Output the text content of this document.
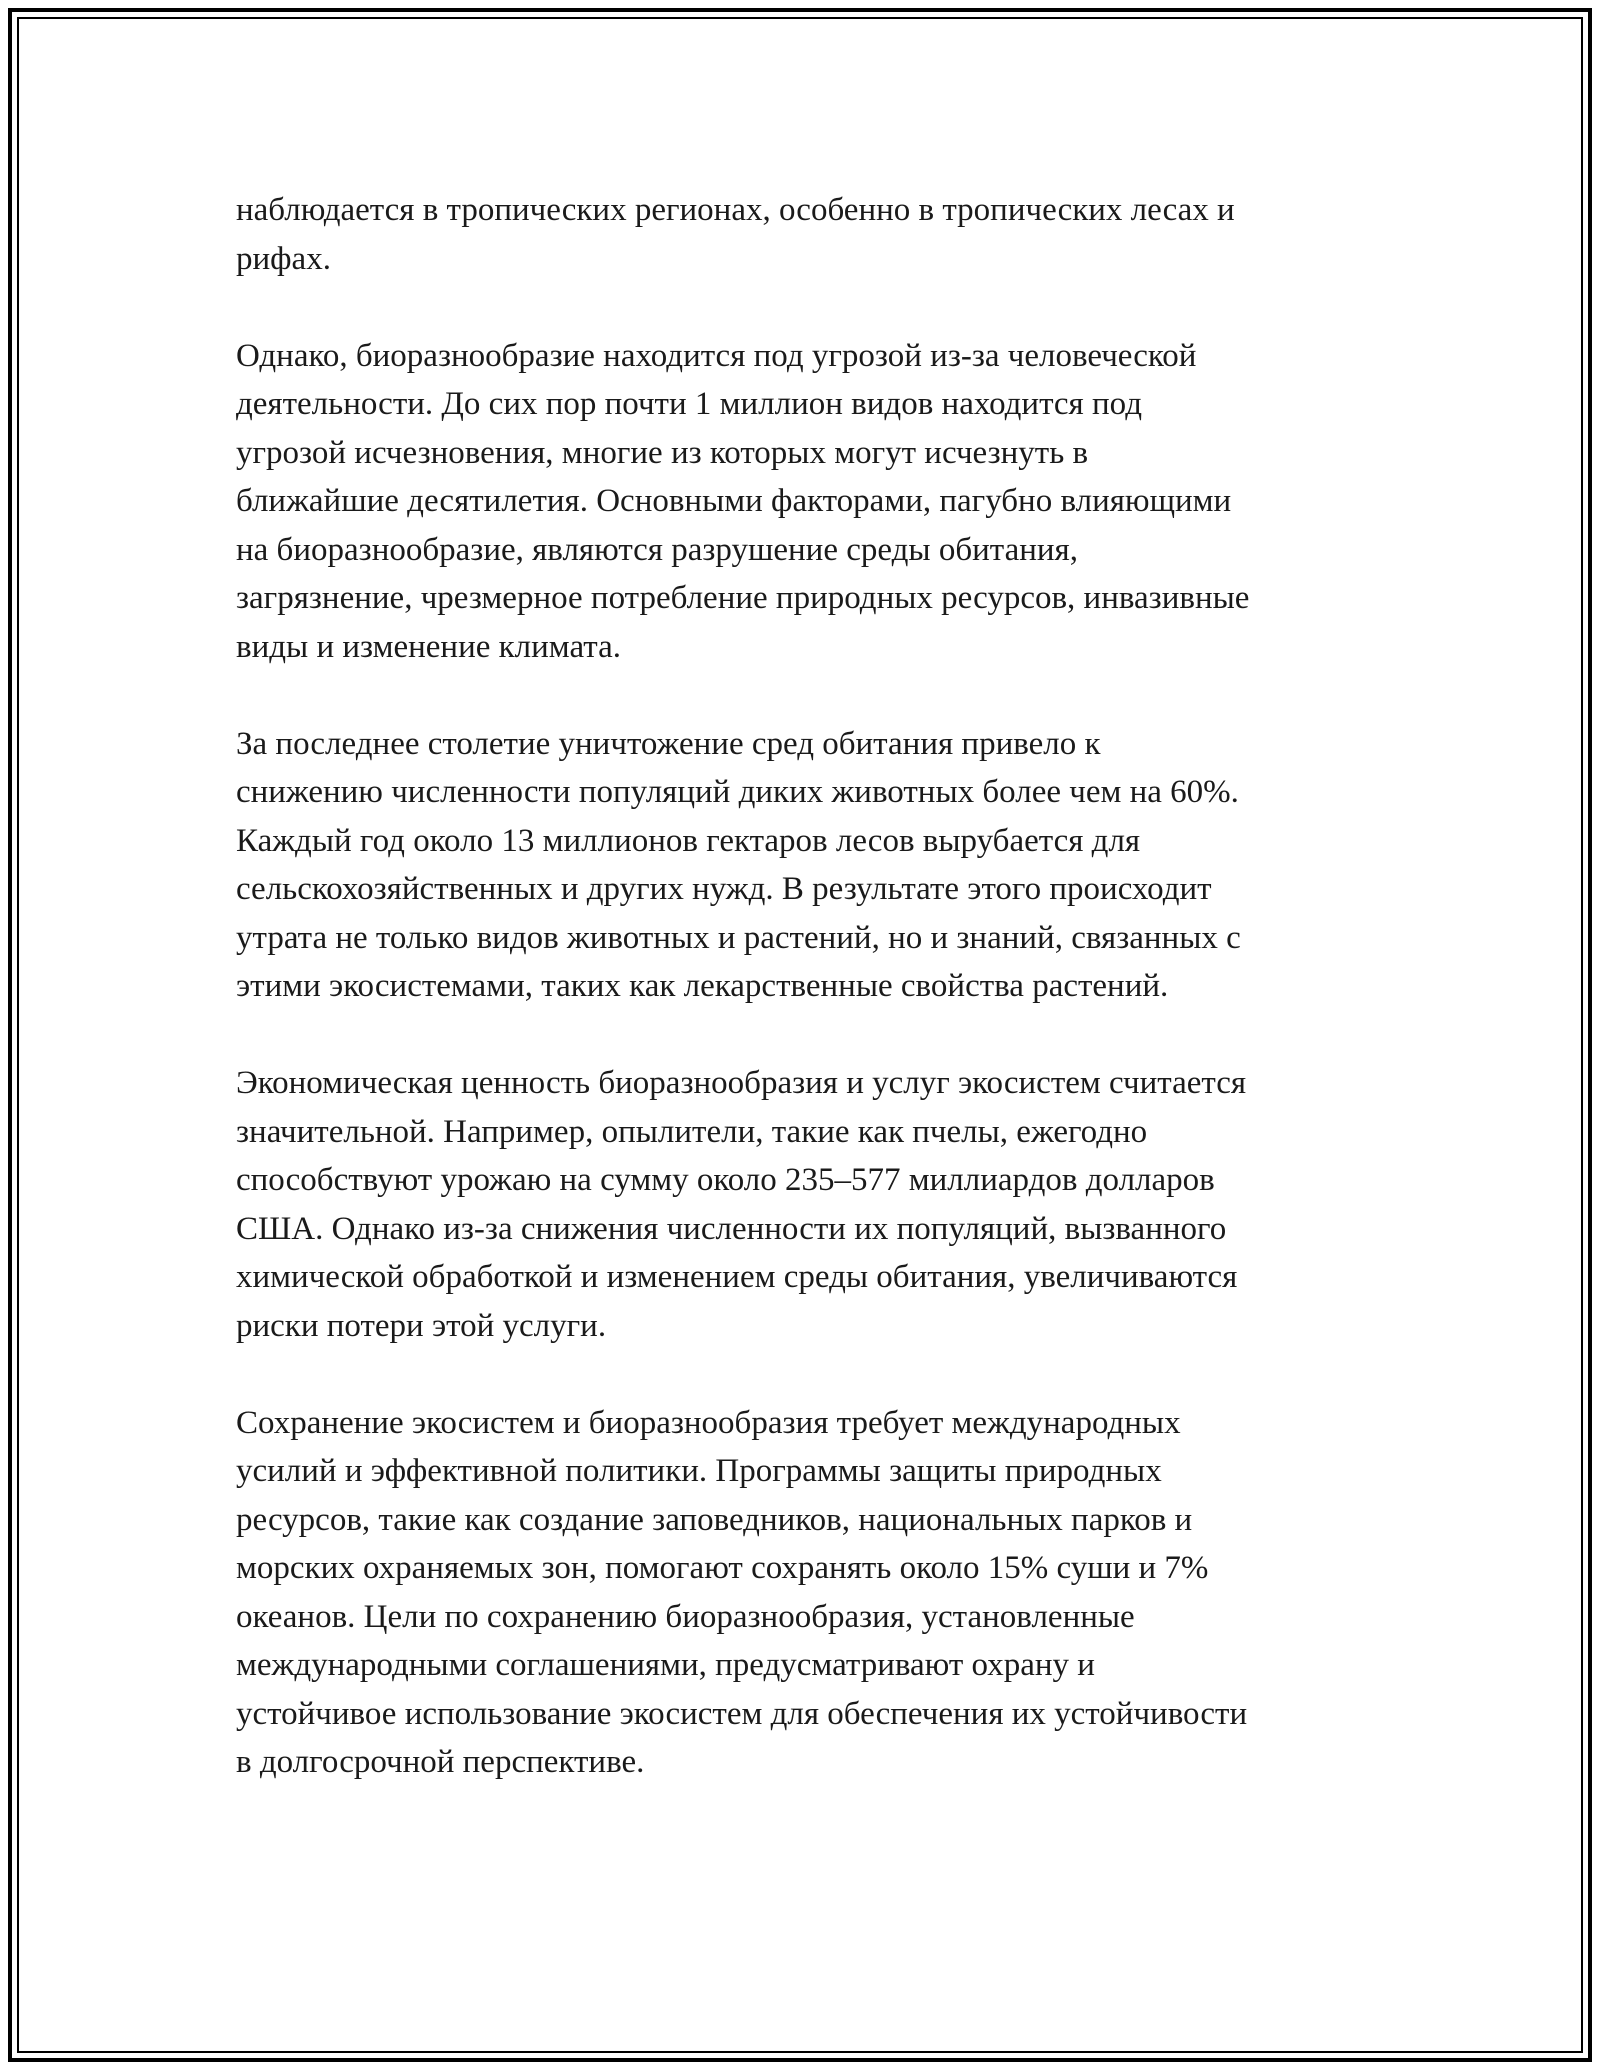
наблюдается в тропических регионах, особенно в тропических лесах и
рифах.

Однако, биоразнообразие находится под угрозой из-за человеческой
деятельности. До сих пор почти 1 миллион видов находится под
угрозой исчезновения, многие из которых могут исчезнуть в
ближайшие десятилетия. Основными факторами, пагубно влияющими
на биоразнообразие, являются разрушение среды обитания,
загрязнение, чрезмерное потребление природных ресурсов, инвазивные
виды и изменение климата.

За последнее столетие уничтожение сред обитания привело к
снижению численности популяций диких животных более чем на 60%.
Каждый год около 13 миллионов гектаров лесов вырубается для
сельскохозяйственных и других нужд. В результате этого происходит
утрата не только видов животных и растений, но и знаний, связанных с
этими экосистемами, таких как лекарственные свойства растений.

Экономическая ценность биоразнообразия и услуг экосистем считается
значительной. Например, опылители, такие как пчелы, ежегодно
способствуют урожаю на сумму около 235–577 миллиардов долларов
США. Однако из-за снижения численности их популяций, вызванного
химической обработкой и изменением среды обитания, увеличиваются
риски потери этой услуги.

Сохранение экосистем и биоразнообразия требует международных
усилий и эффективной политики. Программы защиты природных
ресурсов, такие как создание заповедников, национальных парков и
морских охраняемых зон, помогают сохранять около 15% суши и 7%
океанов. Цели по сохранению биоразнообразия, установленные
международными соглашениями, предусматривают охрану и
устойчивое использование экосистем для обеспечения их устойчивости
в долгосрочной перспективе.
